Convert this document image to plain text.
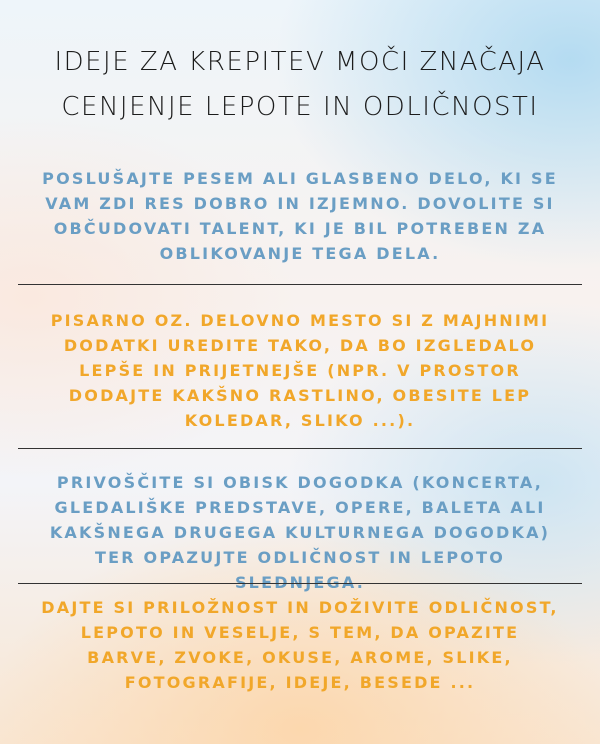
IDEJE ZA KREPITEV MOČI ZNAČAJA
CENJENJE LEPOTE IN ODLIČNOSTI
POSLUŠAJTE PESEM ALI GLASBENO DELO, KI SE VAM ZDI RES DOBRO IN IZJEMNO. DOVOLITE SI OBČUDOVATI TALENT, KI JE BIL POTREBEN ZA OBLIKOVANJE TEGA DELA.
PISARNO OZ. DELOVNO MESTO SI Z MAJHNIMI DODATKI UREDITE TAKO, DA BO IZGLEDALO LEPŠE IN PRIJETNEJŠE (NPR. V PROSTOR DODAJTE KAKŠNO RASTLINO, OBESITE LEP KOLEDAR, SLIKO ...).
PRIVOŠČITE SI OBISK DOGODKA (KONCERTA, GLEDALIŠKE PREDSTAVE, OPERE, BALETA ALI KAKŠNEGA DRUGEGA KULTURNEGA DOGODKA) TER OPAZUJTE ODLIČNOST IN LEPOTO SLEDNJEGA.
DAJTE SI PRILOŽNOST IN DOŽIVITE ODLIČNOST, LEPOTO IN VESELJE, S TEM, DA OPAZITE BARVE, ZVOKE, OKUSE, AROME, SLIKE, FOTOGRAFIJE, IDEJE, BESEDE ...
